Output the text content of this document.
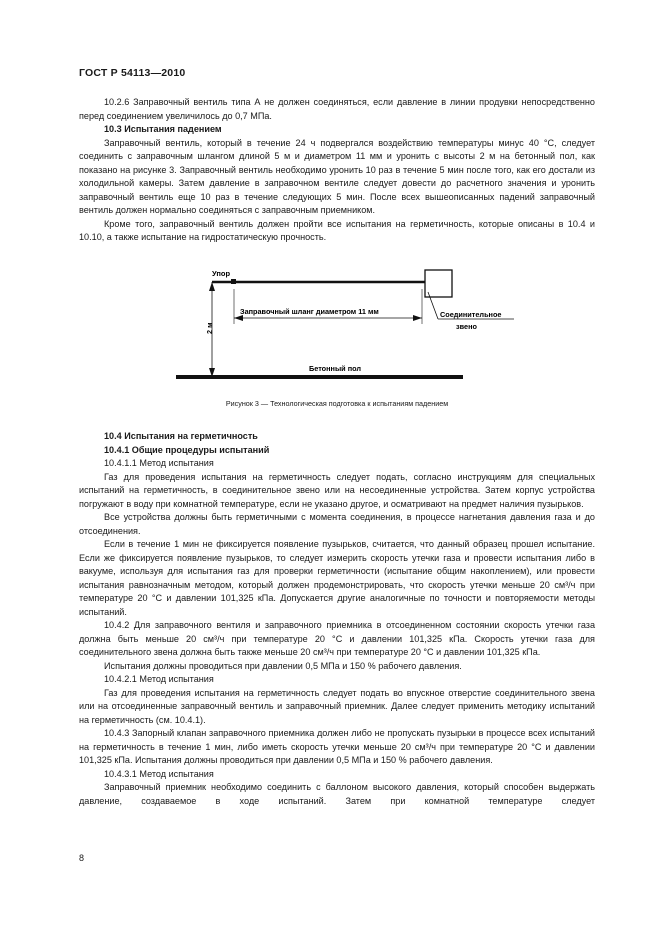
ГОСТ Р 54113—2010

10.2.6 Заправочный вентиль типа А не должен соединяться, если давление в линии продувки непосредственно перед соединением увеличилось до 0,7 МПа.

10.3 Испытания падением

Заправочный вентиль, который в течение 24 ч подвергался воздействию температуры минус 40 °С, следует соединить с заправочным шлангом длиной 5 м и диаметром 11 мм и уронить с высоты 2 м на бетонный пол, как показано на рисунке 3. Заправочный вентиль необходимо уронить 10 раз в течение 5 мин после того, как его достали из холодильной камеры. Затем давление в заправочном вентиле следует довести до расчетного значения и уронить заправочный вентиль еще 10 раз в течение следующих 5 мин. После всех вышеописанных падений заправочный вентиль должен нормально соединяться с заправочным приемником.

Кроме того, заправочный вентиль должен пройти все испытания на герметичность, которые описаны в 10.4 и 10.10, а также испытание на гидростатическую прочность.

Упор
Заправочный шланг диаметром 11 мм
2 м
Соединительное
звено
Бетонный пол
Рисунок 3 — Технологическая подготовка к испытаниям падением

10.4 Испытания на герметичность

10.4.1 Общие процедуры испытаний

10.4.1.1 Метод испытания

Газ для проведения испытания на герметичность следует подать, согласно инструкциям для специальных испытаний на герметичность, в соединительное звено или на несоединенные устройства. Затем корпус устройства погружают в воду при комнатной температуре, если не указано другое, и осматривают на предмет наличия пузырьков.

Все устройства должны быть герметичными с момента соединения, в процессе нагнетания давления газа и до отсоединения.

Если в течение 1 мин не фиксируется появление пузырьков, считается, что данный образец прошел испытание. Если же фиксируется появление пузырьков, то следует измерить скорость утечки газа и провести испытания либо в вакууме, используя для испытания газ для проверки герметичности (испытание общим накоплением), или провести испытания равнозначным методом, который должен продемонстрировать, что скорость утечки меньше 20 см³/ч при температуре 20 °С и давлении 101,325 кПа. Допускается другие аналогичные по точности и повторяемости методы испытаний.

10.4.2 Для заправочного вентиля и заправочного приемника в отсоединенном состоянии скорость утечки газа должна быть меньше 20 см³/ч при температуре 20 °С и давлении 101,325 кПа. Скорость утечки газа для соединительного звена должна быть также меньше 20 см³/ч при температуре 20 °С и давлении 101,325 кПа.

Испытания должны проводиться при давлении 0,5 МПа и 150 % рабочего давления.

10.4.2.1 Метод испытания

Газ для проведения испытания на герметичность следует подать во впускное отверстие соединительного звена или на отсоединенные заправочный вентиль и заправочный приемник. Далее следует применить методику испытаний на герметичность (см. 10.4.1).

10.4.3 Запорный клапан заправочного приемника должен либо не пропускать пузырьки в процессе всех испытаний на герметичность в течение 1 мин, либо иметь скорость утечки меньше 20 см³/ч при температуре 20 °С и давлении 101,325 кПа. Испытания должны проводиться при давлении 0,5 МПа и 150 % рабочего давления.

10.4.3.1 Метод испытания

Заправочный приемник необходимо соединить с баллоном высокого давления, который способен выдержать давление, создаваемое в ходе испытаний. Затем при комнатной температуре следует

8
